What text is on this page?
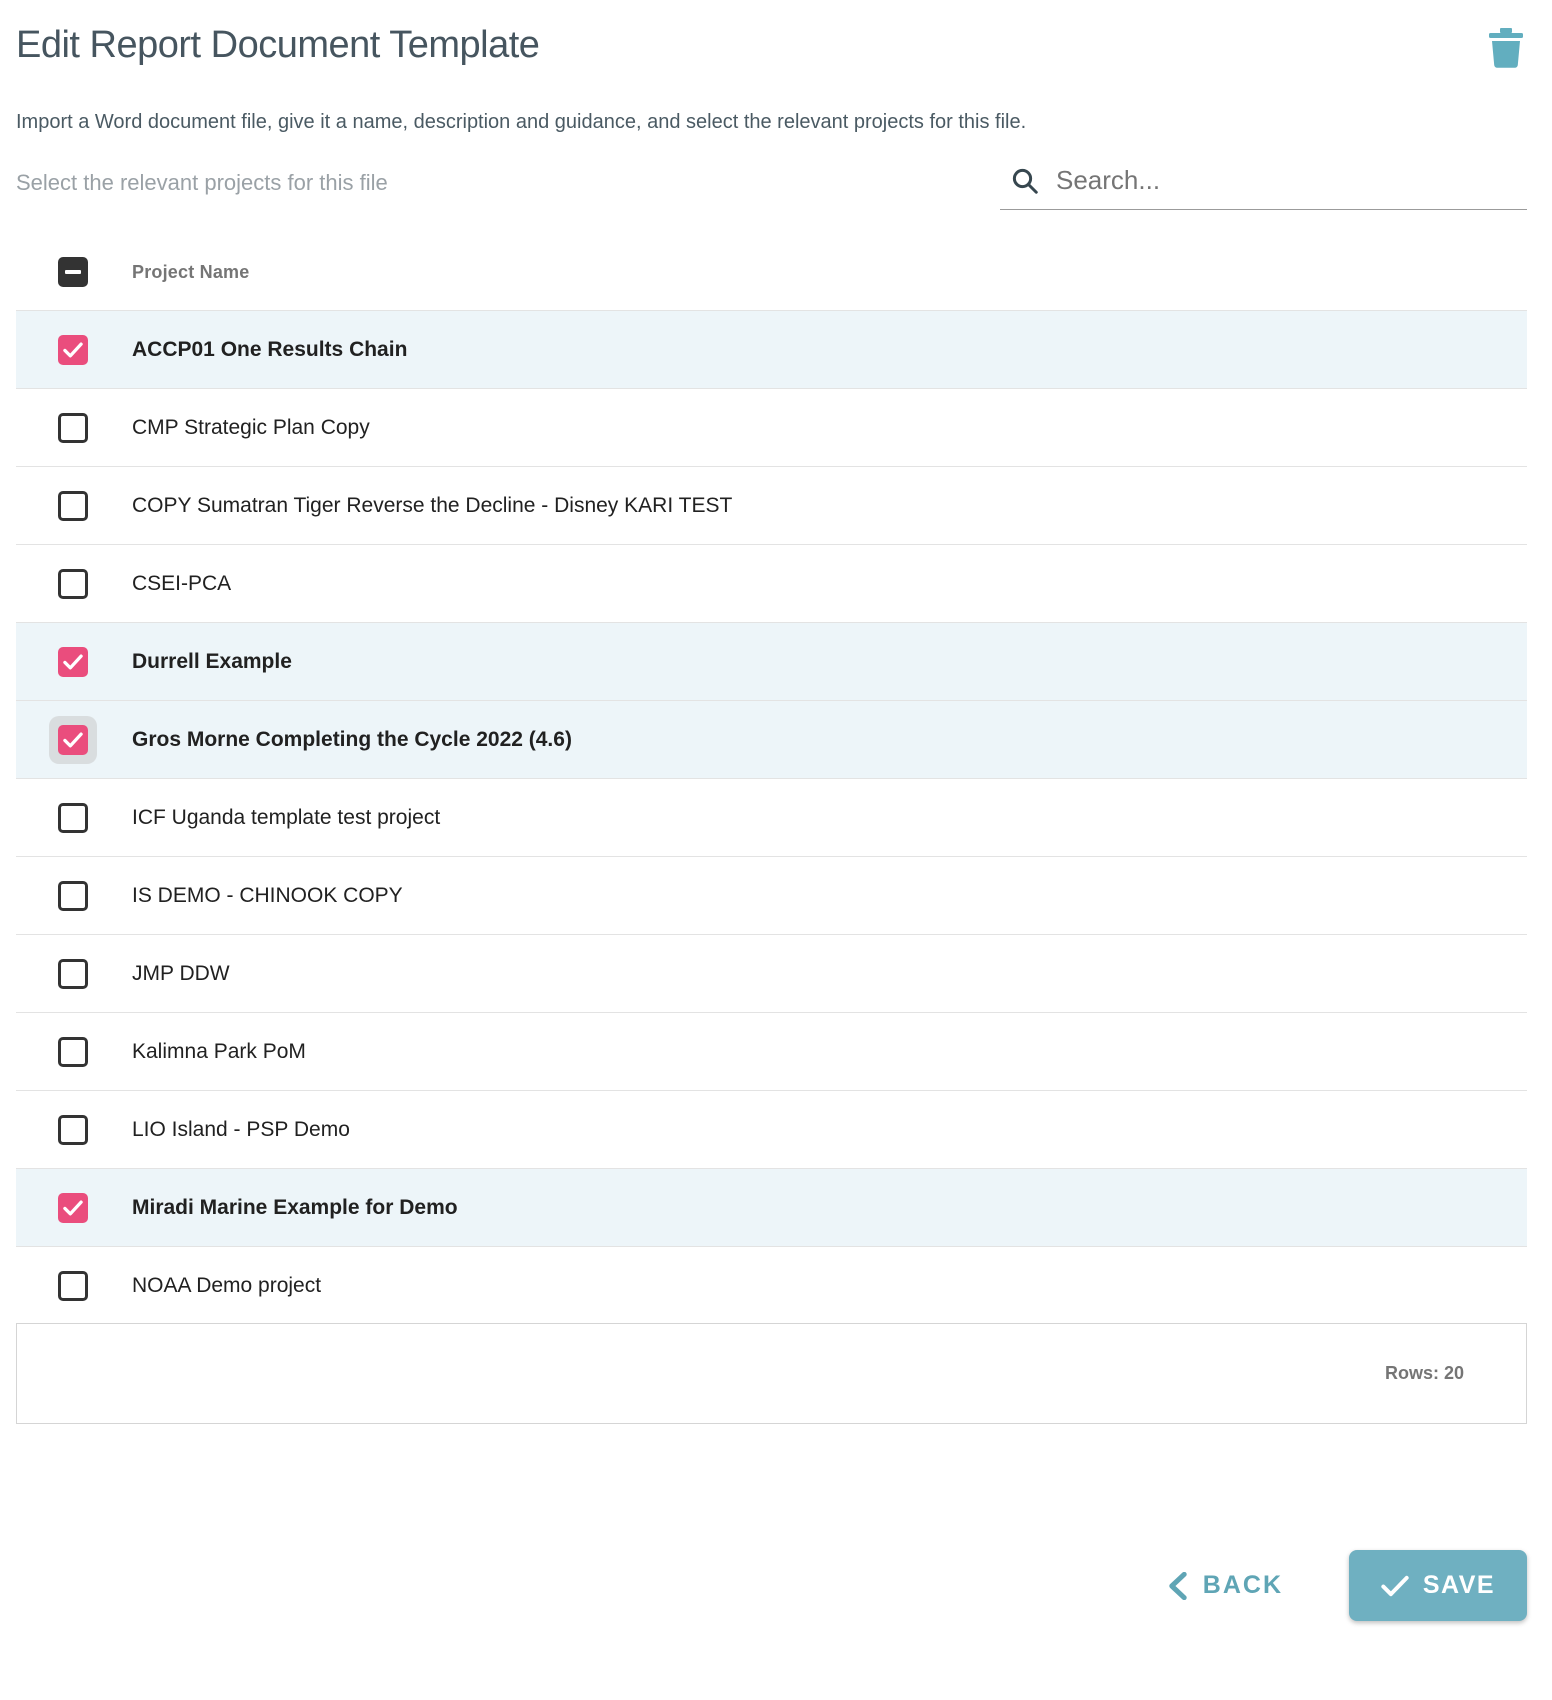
Edit Report Document Template

Import a Word document file, give it a name, description and guidance, and select the relevant projects for this file.

Select the relevant projects for this file
Search...
Project Name
ACCP01 One Results Chain
CMP Strategic Plan Copy
COPY Sumatran Tiger Reverse the Decline - Disney KARI TEST
CSEI-PCA
Durrell Example
Gros Morne Completing the Cycle 2022 (4.6)
ICF Uganda template test project
IS DEMO - CHINOOK COPY
JMP DDW
Kalimna Park PoM
LIO Island - PSP Demo
Miradi Marine Example for Demo
NOAA Demo project
Rows: 20
BACK	SAVE
